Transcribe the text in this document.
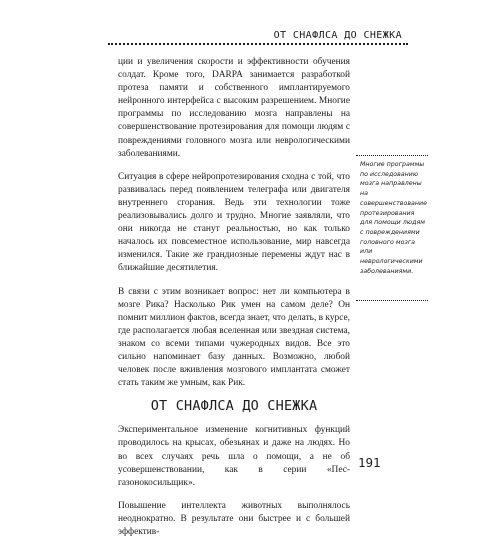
ОТ СНАФЛСА ДО СНЕЖКА

ции и увеличения скорости и эффективности обучения солдат. Кроме того, DARPA занимается разработкой протеза памяти и собственного имплантируемого нейронного интерфейса с высоким разрешением. Многие программы по исследованию мозга направлены на совершенствование протезирования для помощи людям с повреждениями головного мозга или неврологическими заболеваниями.

Ситуация в сфере нейропротезирования сходна с той, что развивалась перед появлением телеграфа или двигателя внутреннего сгорания. Ведь эти технологии тоже реализовывались долго и трудно. Многие заявляли, что они никогда не станут реальностью, но как только началось их повсеместное использование, мир навсегда изменился. Такие же грандиозные перемены ждут нас в ближайшие десятилетия.

В связи с этим возникает вопрос: нет ли компьютера в мозге Рика? Насколько Рик умен на самом деле? Он помнит миллион фактов, всегда знает, что делать, в курсе, где располагается любая вселенная или звездная система, знаком со всеми типами чужеродных видов. Все это сильно напоминает базу данных. Возможно, любой человек после вживления мозгового имплантата сможет стать таким же умным, как Рик.

ОТ СНАФЛСА ДО СНЕЖКА

Экспериментальное изменение когнитивных функций проводилось на крысах, обезьянах и даже на людях. Но во всех случаях речь шла о помощи, а не об усовершенствовании, как в серии «Пес-газонокосильщик».

Повышение интеллекта животных выполнялось неоднократно. В результате они быстрее и с большей эффектив-

Многие программы по исследованию мозга направлены на совершенствование протезирования для помощи людям с повреждениями головного мозга или неврологическими заболеваниями.
191
